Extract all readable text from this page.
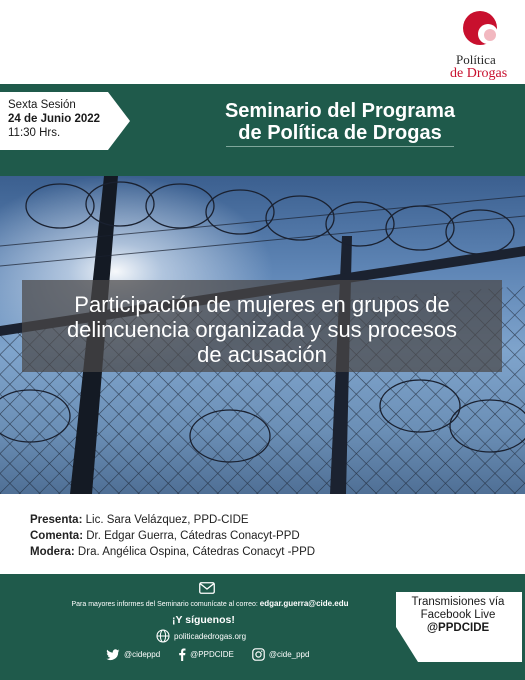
Política
de Drogas
Sexta Sesión
24 de Junio 2022
11:30 Hrs.
Seminario del Programa
de Política de Drogas
Participación de mujeres en grupos de
delincuencia organizada y sus procesos
de acusación
Presenta: Lic. Sara Velázquez, PPD-CIDE
Comenta: Dr. Edgar Guerra, Cátedras Conacyt-PPD
Modera: Dra. Angélica Ospina, Cátedras Conacyt -PPD
Para mayores informes del Seminario comunícate al correo: edgar.guerra@cide.edu
¡Y síguenos!
politicadedrogas.org
@cideppd	@PPDCIDE	@cide_ppd
Transmisiones vía
Facebook Live
@PPDCIDE
